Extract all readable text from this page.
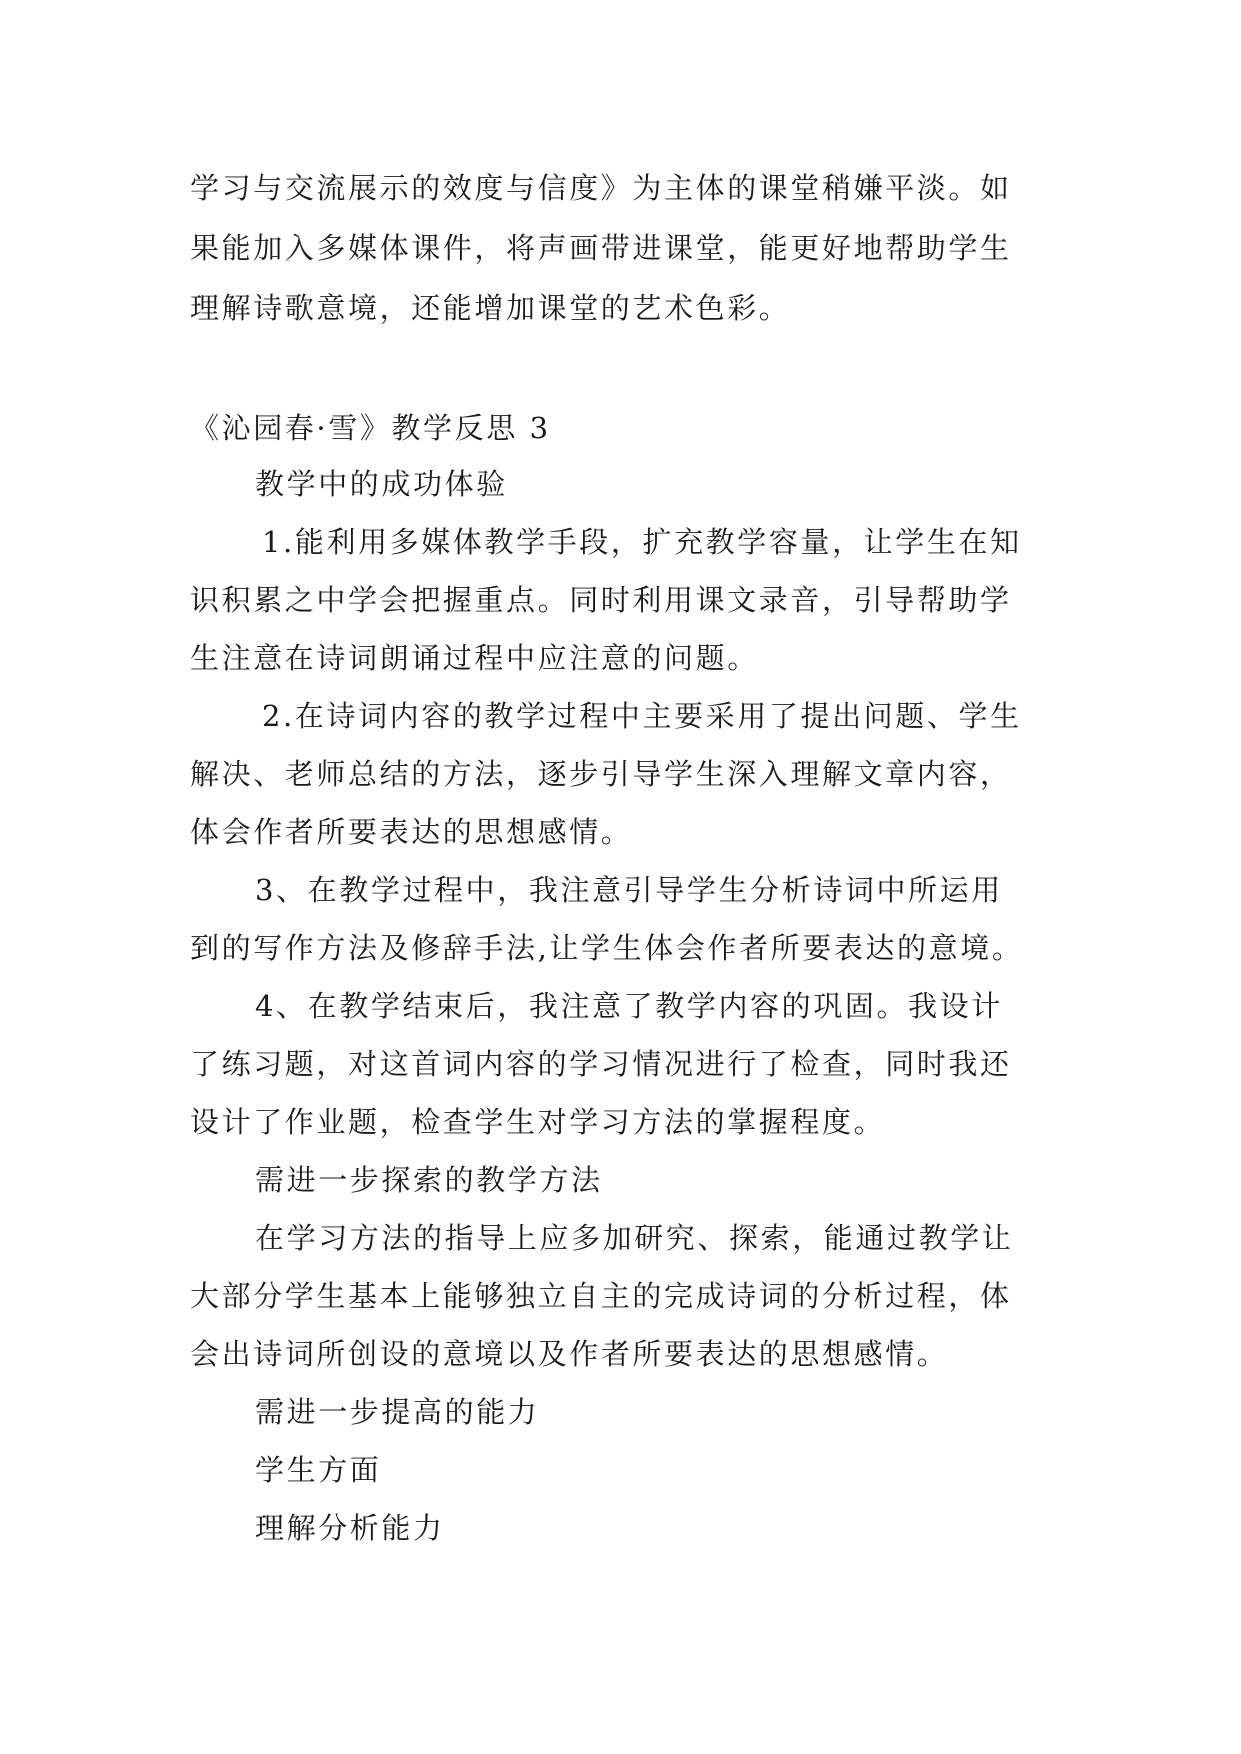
学习与交流展示的效度与信度》为主体的课堂稍嫌平淡。如
果能加入多媒体课件，将声画带进课堂，能更好地帮助学生
理解诗歌意境，还能增加课堂的艺术色彩。
《沁园春·雪》教学反思 3
教学中的成功体验
1.能利用多媒体教学手段，扩充教学容量，让学生在知
识积累之中学会把握重点。同时利用课文录音，引导帮助学
生注意在诗词朗诵过程中应注意的问题。
2.在诗词内容的教学过程中主要采用了提出问题、学生
解决、老师总结的方法，逐步引导学生深入理解文章内容，
体会作者所要表达的思想感情。
3、在教学过程中，我注意引导学生分析诗词中所运用
到的写作方法及修辞手法,让学生体会作者所要表达的意境。
4、在教学结束后，我注意了教学内容的巩固。我设计
了练习题，对这首词内容的学习情况进行了检查，同时我还
设计了作业题，检查学生对学习方法的掌握程度。
需进一步探索的教学方法
在学习方法的指导上应多加研究、探索，能通过教学让
大部分学生基本上能够独立自主的完成诗词的分析过程，体
会出诗词所创设的意境以及作者所要表达的思想感情。
需进一步提高的能力
学生方面
理解分析能力
